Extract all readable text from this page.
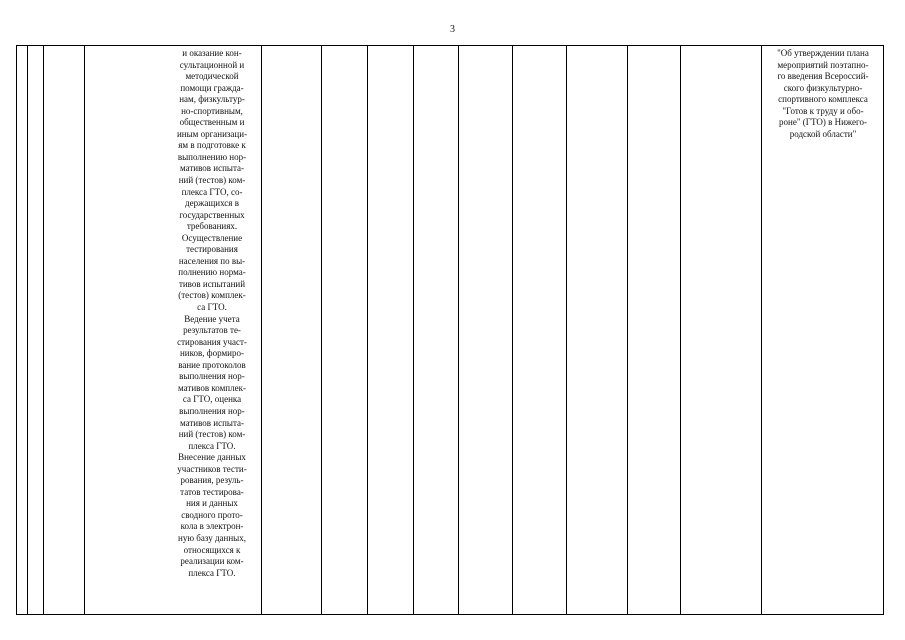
3
и оказание кон-
сультационной и
методической
помощи гражда-
нам, физкультур-
но-спортивным,
общественным и
иным организаци-
ям в подготовке к
выполнению нор-
мативов испыта-
ний (тестов) ком-
плекса ГТО, со-
держащихся в
государственных
требованиях.
Осуществление
тестирования
населения по вы-
полнению норма-
тивов испытаний
(тестов) комплек-
са ГТО.
Ведение учета
результатов те-
стирования участ-
ников, формиро-
вание протоколов
выполнения нор-
мативов комплек-
са ГТО, оценка
выполнения нор-
мативов испыта-
ний (тестов) ком-
плекса ГТО.
Внесение данных
участников тести-
рования, резуль-
татов тестирова-
ния и данных
сводного прото-
кола в электрон-
ную базу данных,
относящихся к
реализации ком-
плекса ГТО.
"Об утверждении плана
мероприятий поэтапно-
го введения Всероссий-
ского физкультурно-
спортивного комплекса
"Готов к труду и обо-
роне" (ГТО) в Нижего-
родской области"
